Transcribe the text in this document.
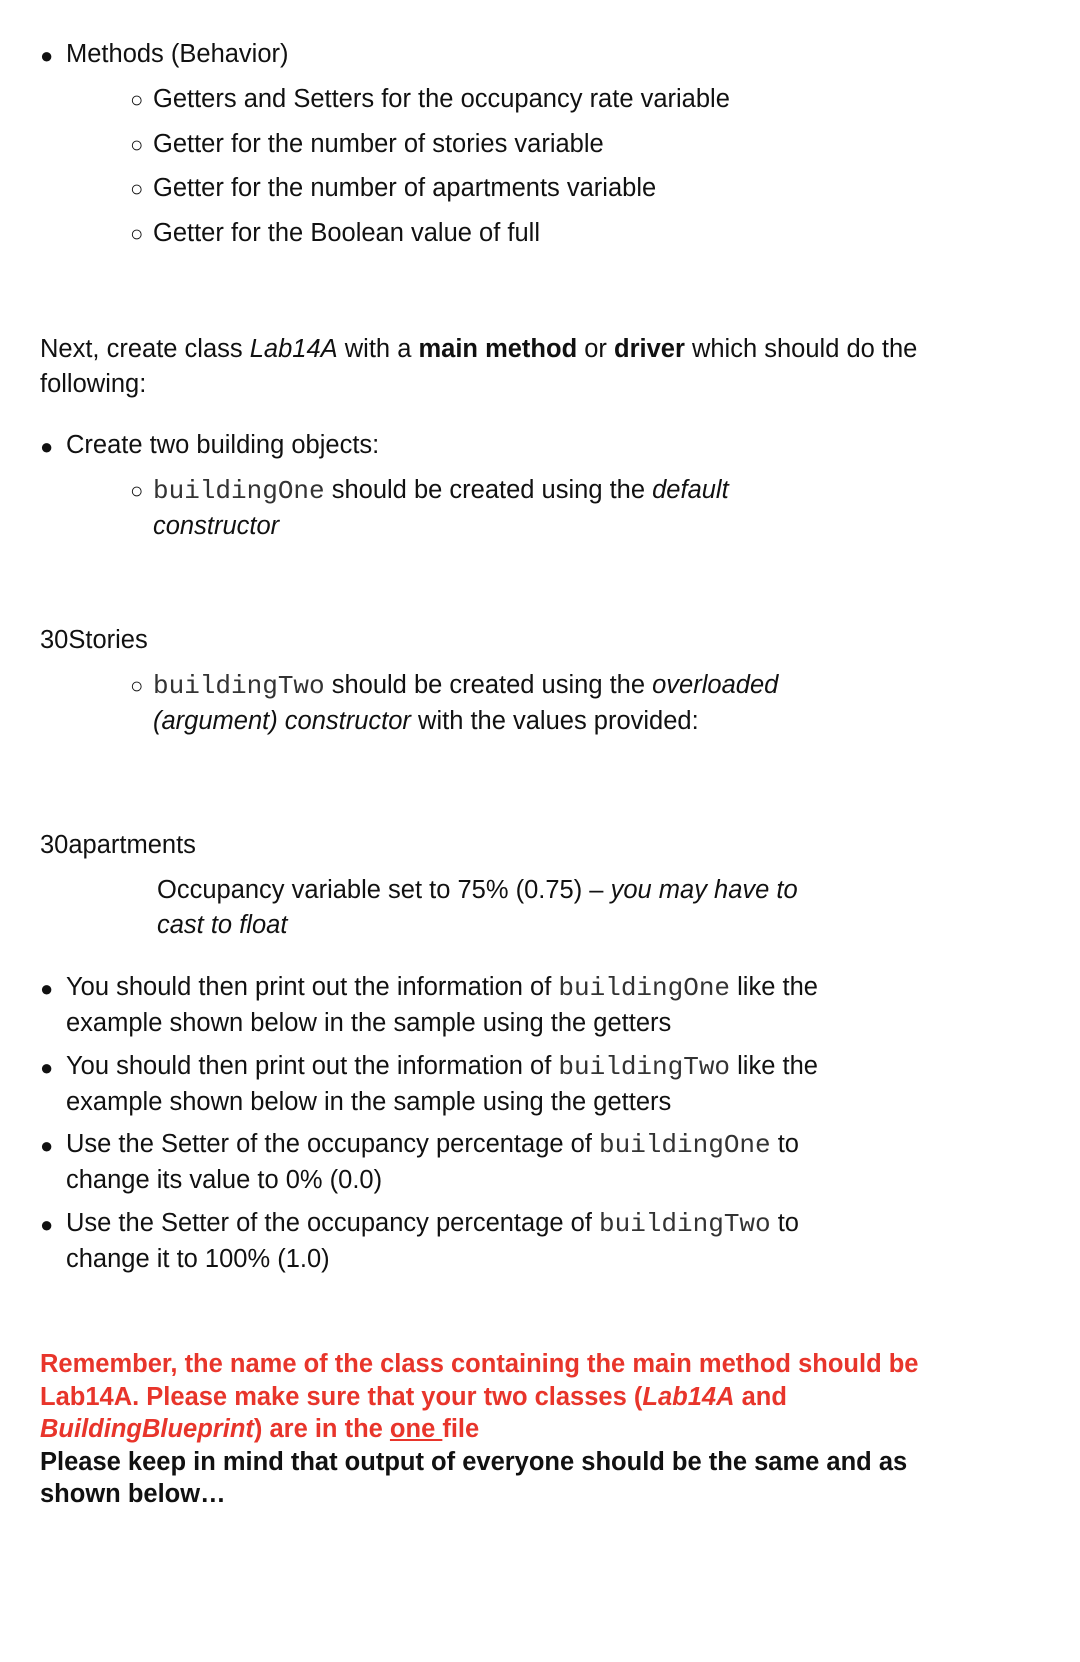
● Methods (Behavior)
○ Getters and Setters for the occupancy rate variable
○ Getter for the number of stories variable
○ Getter for the number of apartments variable
○ Getter for the Boolean value of full
Next, create class Lab14A with a main method or driver which should do the
following:
● Create two building objects:
○ buildingOne should be created using the default
constructor
30Stories
○ buildingTwo should be created using the overloaded
(argument) constructor with the values provided:
30apartments
Occupancy variable set to 75% (0.75) – you may have to
cast to float
● You should then print out the information of buildingOne like the
example shown below in the sample using the getters
● You should then print out the information of buildingTwo like the
example shown below in the sample using the getters
● Use the Setter of the occupancy percentage of buildingOne to
change its value to 0% (0.0)
● Use the Setter of the occupancy percentage of buildingTwo to
change it to 100% (1.0)
Remember, the name of the class containing the main method should be
Lab14A. Please make sure that your two classes (Lab14A and
BuildingBlueprint) are in the one file
Please keep in mind that output of everyone should be the same and as
shown below…
